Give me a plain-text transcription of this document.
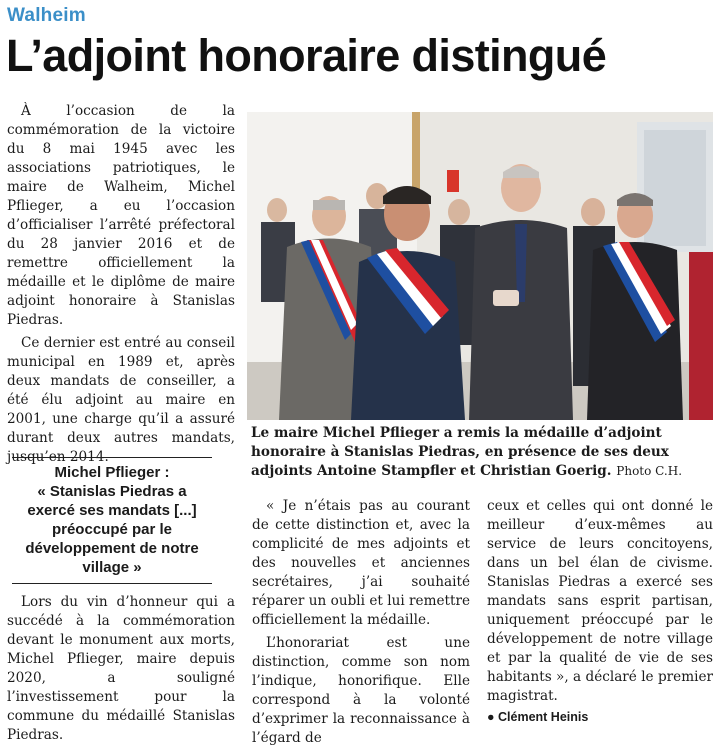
Walheim
L’adjoint honoraire distingué

À l’occasion de la commémoration de la victoire du 8 mai 1945 avec les associations patriotiques, le maire de Walheim, Michel Pflieger, a eu l’occasion d’officialiser l’arrêté préfectoral du 28 janvier 2016 et de remettre officiellement la médaille et le diplôme de maire adjoint honoraire à Stanislas Piedras.

Ce dernier est entré au conseil municipal en 1989 et, après deux mandats de conseiller, a été élu adjoint au maire en 2001, une charge qu’il a assuré durant deux autres mandats, jusqu’en 2014.

Michel Pflieger :
« Stanislas Piedras a exercé ses mandats [...] préoccupé par le développement de notre village »

Lors du vin d’honneur qui a succédé à la commémoration devant le monument aux morts, Michel Pflieger, maire depuis 2020, a souligné l’investissement pour la commune du médaillé Stanislas Piedras.

Le maire Michel Pflieger a remis la médaille d’adjoint honoraire à Stanislas Piedras, en présence de ses deux adjoints Antoine Stampfler et Christian Goerig. Photo C.H.

« Je n’étais pas au courant de cette distinction et, avec la complicité de mes adjoints et des nouvelles et anciennes secrétaires, j’ai souhaité réparer un oubli et lui remettre officiellement la médaille.

L’honorariat est une distinction, comme son nom l’indique, honorifique. Elle correspond à la volonté d’exprimer la reconnaissance à l’égard de

ceux et celles qui ont donné le meilleur d’eux-mêmes au service de leurs concitoyens, dans un bel élan de civisme. Stanislas Piedras a exercé ses mandats sans esprit partisan, uniquement préoccupé par le développement de notre village et par la qualité de vie de ses habitants », a déclaré le premier magistrat.

● Clément Heinis
